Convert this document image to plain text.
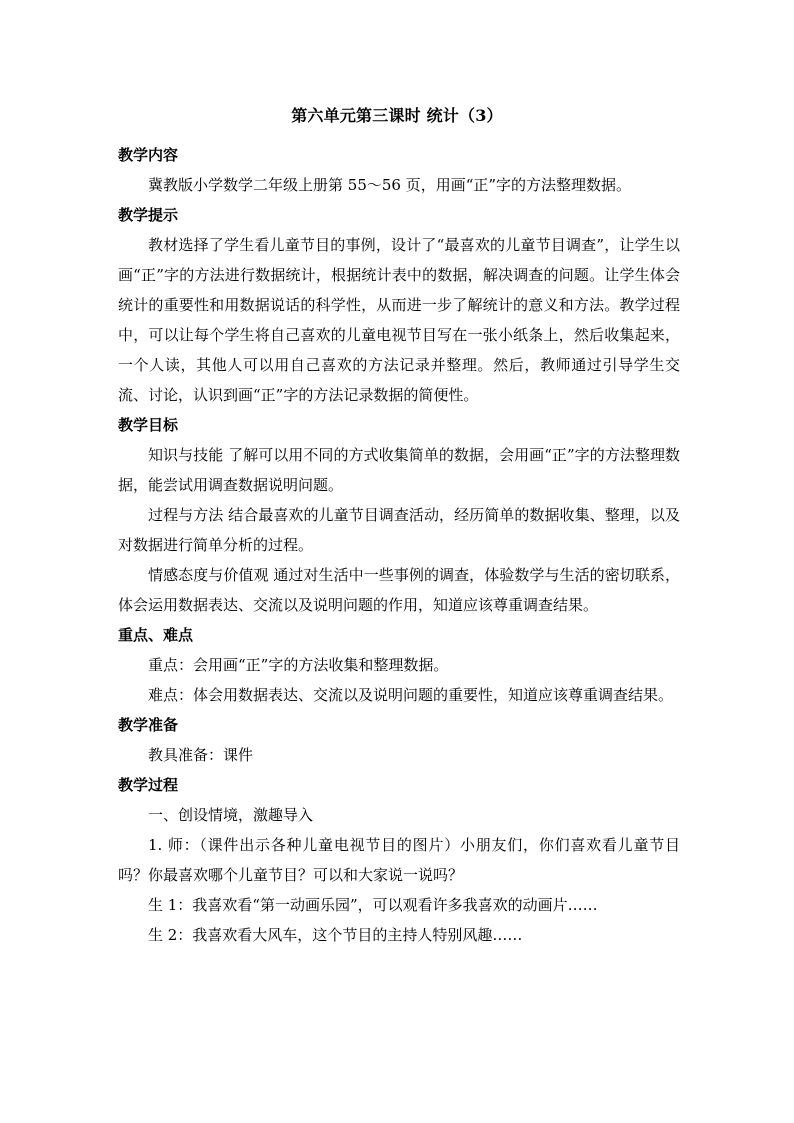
第六单元第三课时 统计（3）

教学内容

冀教版小学数学二年级上册第 55～56 页，用画“正”字的方法整理数据。

教学提示

教材选择了学生看儿童节目的事例，设计了“最喜欢的儿童节目调查”，让学生以画“正”字的方法进行数据统计，根据统计表中的数据，解决调查的问题。让学生体会统计的重要性和用数据说话的科学性，从而进一步了解统计的意义和方法。教学过程中，可以让每个学生将自己喜欢的儿童电视节目写在一张小纸条上，然后收集起来，一个人读，其他人可以用自己喜欢的方法记录并整理。然后，教师通过引导学生交流、讨论，认识到画“正”字的方法记录数据的简便性。

教学目标

知识与技能 了解可以用不同的方式收集简单的数据，会用画“正”字的方法整理数据，能尝试用调查数据说明问题。

过程与方法 结合最喜欢的儿童节目调查活动，经历简单的数据收集、整理，以及对数据进行简单分析的过程。

情感态度与价值观 通过对生活中一些事例的调查，体验数学与生活的密切联系，体会运用数据表达、交流以及说明问题的作用，知道应该尊重调查结果。

重点、难点

重点：会用画“正”字的方法收集和整理数据。

难点：体会用数据表达、交流以及说明问题的重要性，知道应该尊重调查结果。

教学准备

教具准备：课件

教学过程

一、创设情境，激趣导入

1. 师：（课件出示各种儿童电视节目的图片）小朋友们，你们喜欢看儿童节目吗？你最喜欢哪个儿童节目？可以和大家说一说吗？

生 1：我喜欢看“第一动画乐园”，可以观看许多我喜欢的动画片……

生 2：我喜欢看大风车，这个节目的主持人特别风趣……
